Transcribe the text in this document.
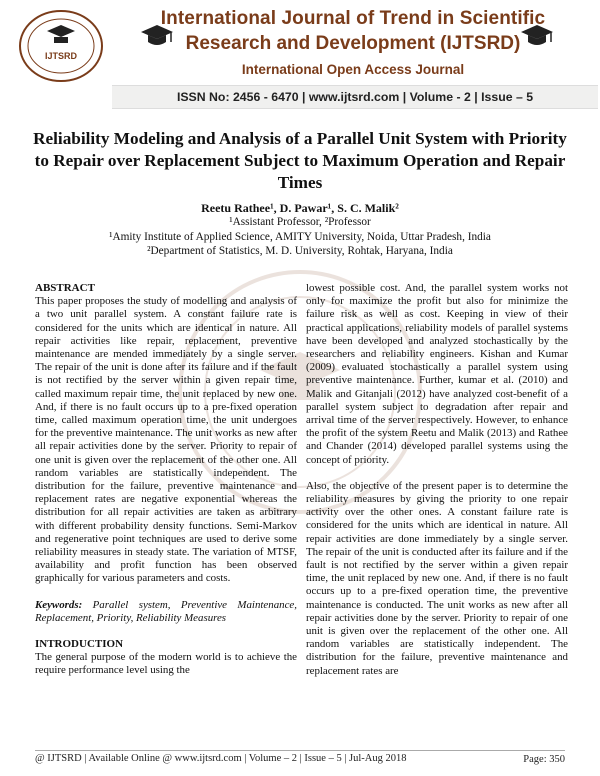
IJTSRD
International Journal of Trend in Scientific
Research and Development (IJTSRD)
International Open Access Journal
ISSN No: 2456 - 6470 | www.ijtsrd.com | Volume - 2 | Issue – 5
Reliability Modeling and Analysis of a Parallel Unit System with Priority to Repair over Replacement Subject to Maximum Operation and Repair Times
Reetu Rathee¹, D. Pawar¹, S. C. Malik²
¹Assistant Professor, ²Professor
¹Amity Institute of Applied Science, AMITY University, Noida, Uttar Pradesh, India
²Department of Statistics, M. D. University, Rohtak, Haryana, India

ABSTRACT

This paper proposes the study of modelling and analysis of a two unit parallel system. A constant failure rate is considered for the units which are identical in nature. All repair activities like repair, replacement, preventive maintenance are mended immediately by a single server. The repair of the unit is done after its failure and if the fault is not rectified by the server within a given repair time, called maximum repair time, the unit replaced by new one. And, if there is no fault occurs up to a pre-fixed operation time, called maximum operation time, the unit undergoes for the preventive maintenance. The unit works as new after all repair activities done by the server. Priority to repair of one unit is given over the replacement of the other one. All random variables are statistically independent. The distribution for the failure, preventive maintenance and replacement rates are negative exponential whereas the distribution for all repair activities are taken as arbitrary with different probability density functions. Semi-Markov and regenerative point techniques are used to derive some reliability measures in steady state. The variation of MTSF, availability and profit function has been observed graphically for various parameters and costs.

Keywords: Parallel system, Preventive Maintenance, Replacement, Priority, Reliability Measures

INTRODUCTION

The general purpose of the modern world is to achieve the require performance level using the

lowest possible cost. And, the parallel system works not only for maximize the profit but also for minimize the failure risk as well as cost. Keeping in view of their practical applications, reliability models of parallel systems have been developed and analyzed stochastically by the researchers and reliability engineers. Kishan and Kumar (2009) evaluated stochastically a parallel system using preventive maintenance. Further, kumar et al. (2010) and Malik and Gitanjali (2012) have analyzed cost-benefit of a parallel system subject to degradation after repair and arrival time of the server respectively. However, to enhance the profit of the system Reetu and Malik (2013) and Rathee and Chander (2014) developed parallel systems using the concept of priority.

Also, the objective of the present paper is to determine the reliability measures by giving the priority to one repair activity over the other ones. A constant failure rate is considered for the units which are identical in nature. All repair activities are done immediately by a single server. The repair of the unit is conducted after its failure and if the fault is not rectified by the server within a given repair time, the unit replaced by new one. And, if there is no fault occurs up to a pre-fixed operation time, the preventive maintenance is conducted. The unit works as new after all repair activities done by the server. Priority to repair of one unit is given over the replacement of the other one. All random variables are statistically independent. The distribution for the failure, preventive maintenance and replacement rates are

@ IJTSRD | Available Online @ www.ijtsrd.com | Volume – 2 | Issue – 5 | Jul-Aug 2018	Page: 350
